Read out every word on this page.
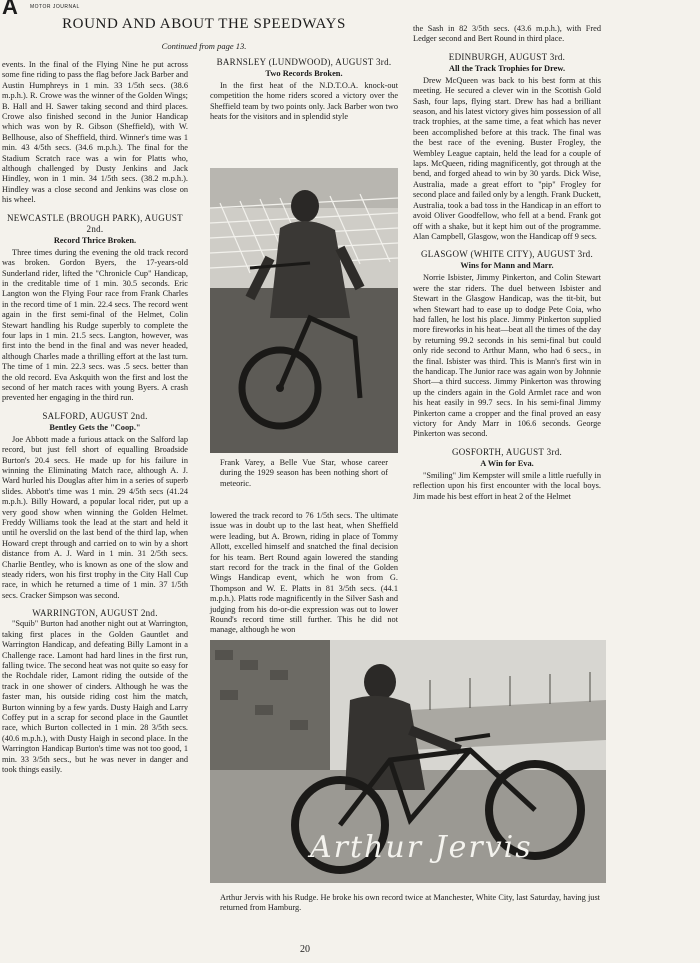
A	MOTOR JOURNAL
ROUND AND ABOUT THE SPEEDWAYS
Continued from page 13.

events. In the final of the Flying Nine he put across some fine riding to pass the flag before Jack Barber and Austin Humphreys in 1 min. 33 1/5th secs. (38.6 m.p.h.). R. Crowe was the winner of the Golden Wings; B. Hall and H. Sawer taking second and third places. Crowe also finished second in the Junior Handicap which was won by R. Gibson (Sheffield), with W. Bellhouse, also of Sheffield, third. Winner's time was 1 min. 43 4/5th secs. (34.6 m.p.h.). The final for the Stadium Scratch race was a win for Platts who, although challenged by Dusty Jenkins and Jack Hindley, won in 1 min. 34 1/5th secs. (38.2 m.p.h.). Hindley was a close second and Jenkins was close on his wheel.

NEWCASTLE (BROUGH PARK), AUGUST 2nd.
Record Thrice Broken.

Three times during the evening the old track record was broken. Gordon Byers, the 17-years-old Sunderland rider, lifted the "Chronicle Cup" Handicap, in the creditable time of 1 min. 30.5 seconds. Eric Langton won the Flying Four race from Frank Charles in the record time of 1 min. 22.4 secs. The record went again in the first semi-final of the Helmet, Colin Stewart handling his Rudge superbly to complete the four laps in 1 min. 21.5 secs. Langton, however, was first into the bend in the final and was never headed, although Charles made a thrilling effort at the last turn. The time of 1 min. 22.3 secs. was .5 secs. better than the old record. Eva Askquith won the first and lost the second of her match races with young Byers. A crash prevented her engaging in the third run.

SALFORD, AUGUST 2nd.
Bentley Gets the "Coop."

Joe Abbott made a furious attack on the Salford lap record, but just fell short of equalling Broadside Burton's 20.4 secs. He made up for his failure in winning the Eliminating Match race, although A. J. Ward hurled his Douglas after him in a series of superb slides. Abbott's time was 1 min. 29 4/5th secs (41.24 m.p.h.). Billy Howard, a popular local rider, put up a very good show when winning the Golden Helmet. Freddy Williams took the lead at the start and held it until he overslid on the last bend of the third lap, when Howard crept through and carried on to win by a short distance from A. J. Ward in 1 min. 31 2/5th secs. Charlie Bentley, who is known as one of the slow and steady riders, won his first trophy in the City Hall Cup race, in which he returned a time of 1 min. 37 1/5th secs. Cracker Simpson was second.

WARRINGTON, AUGUST 2nd.

"Squib" Burton had another night out at Warrington, taking first places in the Golden Gauntlet and Warrington Handicap, and defeating Billy Lamont in a Challenge race. Lamont had hard lines in the first run, falling twice. The second heat was not quite so easy for the Rochdale rider, Lamont riding the outside of the track in one shower of cinders. Although he was the faster man, his outside riding cost him the match, Burton winning by a few yards. Dusty Haigh and Larry Coffey put in a scrap for second place in the Gauntlet race, which Burton collected in 1 min. 28 3/5th secs. (40.6 m.p.h.), with Dusty Haigh in second place. In the Warrington Handicap Burton's time was not too good, 1 min. 33 3/5th secs., but he was never in danger and took things easily.

BARNSLEY (LUNDWOOD), AUGUST 3rd.
Two Records Broken.

In the first heat of the N.D.T.O.A. knock-out competition the home riders scored a victory over the Sheffield team by two points only. Jack Barber won two heats for the visitors and in splendid style

Frank Varey, a Belle Vue Star, whose career during the 1929 season has been nothing short of meteoric.

lowered the track record to 76 1/5th secs. The ultimate issue was in doubt up to the last heat, when Sheffield were leading, but A. Brown, riding in place of Tommy Allott, excelled himself and snatched the final decision for his team. Bert Round again lowered the standing start record for the track in the final of the Golden Wings Handicap event, which he won from G. Thompson and W. E. Platts in 81 3/5th secs. (44.1 m.p.h.). Platts rode magnificently in the Silver Sash and judging from his do-or-die expression was out to lower Round's record time still further. This he did not manage, although he won

the Sash in 82 3/5th secs. (43.6 m.p.h.), with Fred Ledger second and Bert Round in third place.

EDINBURGH, AUGUST 3rd.
All the Track Trophies for Drew.

Drew McQueen was back to his best form at this meeting. He secured a clever win in the Scottish Gold Sash, four laps, flying start. Drew has had a brilliant season, and his latest victory gives him possession of all track trophies, at the same time, a feat which has never been accomplished before at this track. The final was the best race of the evening. Buster Frogley, the Wembley League captain, held the lead for a couple of laps. McQueen, riding magnificently, got through at the bend, and forged ahead to win by 30 yards. Dick Wise, Australia, made a great effort to "pip" Frogley for second place and failed only by a length. Frank Duckett, Australia, took a bad toss in the Handicap in an effort to avoid Oliver Goodfellow, who fell at a bend. Frank got off with a shake, but it kept him out of the programme. Alan Campbell, Glasgow, won the Handicap off 9 secs.

GLASGOW (WHITE CITY), AUGUST 3rd.
Wins for Mann and Marr.

Norrie Isbister, Jimmy Pinkerton, and Colin Stewart were the star riders. The duel between Isbister and Stewart in the Glasgow Handicap, was the tit-bit, but when Stewart had to ease up to dodge Pete Coia, who had fallen, he lost his place. Jimmy Pinkerton supplied more fireworks in his heat—beat all the times of the day by returning 99.2 seconds in his semi-final but could only ride second to Arthur Mann, who had 6 secs., in the final. Isbister was third. This is Mann's first win in the handicap. The Junior race was again won by Johnnie Short—a third success. Jimmy Pinkerton was throwing up the cinders again in the Gold Armlet race and won his heat easily in 99.7 secs. In his semi-final Jimmy Pinkerton came a cropper and the final proved an easy victory for Andy Marr in 106.6 seconds. George Pinkerton was second.

GOSFORTH, AUGUST 3rd.
A Win for Eva.

"Smiling" Jim Kempster will smile a little ruefully in reflection upon his first encounter with the local boys. Jim made his best effort in heat 2 of the Helmet

Arthur Jervis
Arthur Jervis with his Rudge. He broke his own record twice at Manchester, White City, last Saturday, having just returned from Hamburg.
20
